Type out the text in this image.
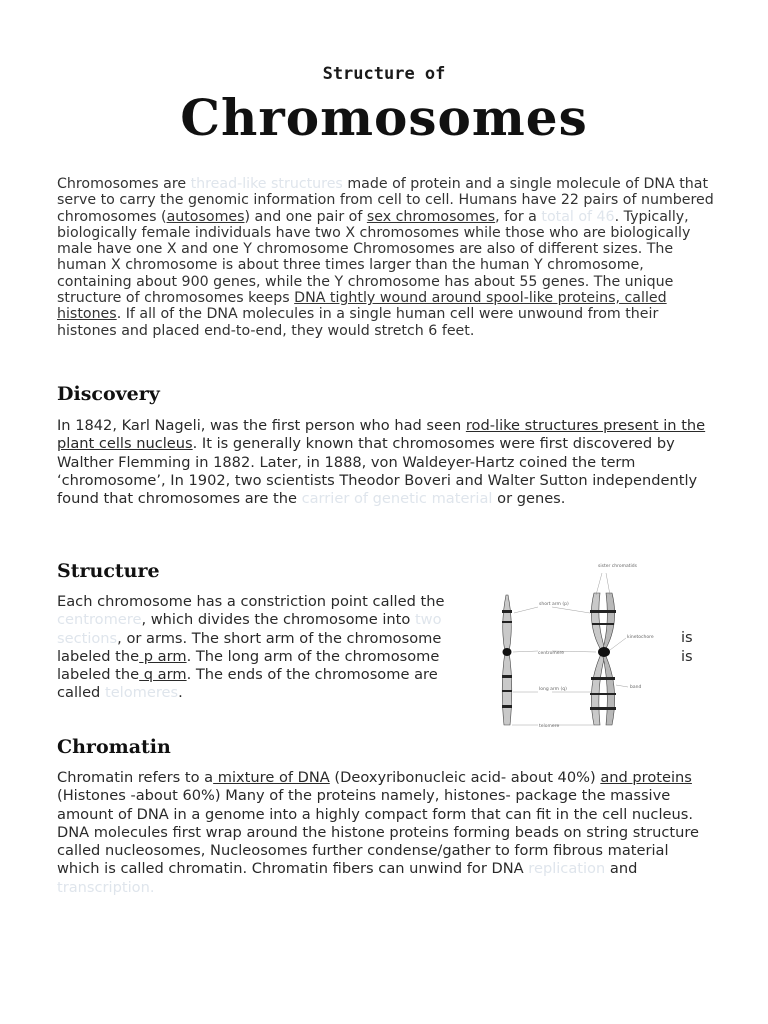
Structure of
Chromosomes
Chromosomes are thread-like structures made of protein and a single molecule of DNA that serve to carry the genomic information from cell to cell. Humans have 22 pairs of numbered chromosomes (autosomes) and one pair of sex chromosomes, for a total of 46. Typically, biologically female individuals have two X chromosomes while those who are biologically male have one X and one Y chromosome Chromosomes are also of different sizes. The human X chromosome is about three times larger than the human Y chromosome, containing about 900 genes, while the Y chromosome has about 55 genes. The unique structure of chromosomes keeps DNA tightly wound around spool-like proteins, called histones. If all of the DNA molecules in a single human cell were unwound from their histones and placed end-to-end, they would stretch 6 feet.
Discovery
In 1842, Karl Nageli, was the first person who had seen rod-like structures present in the plant cells nucleus. It is generally known that chromosomes were first discovered by Walther Flemming in 1882. Later, in 1888, von Waldeyer-Hartz coined the term ‘chromosome’, In 1902, two scientists Theodor Boveri and Walter Sutton independently found that chromosomes are the carrier of genetic material or genes.
Structure
Each chromosome has a constriction point called the centromere, which divides the chromosome into two sections, or arms. The short arm of the chromosome labeled the p arm. The long arm of the chromosome labeled the q arm. The ends of the chromosome are called telomeres.
is
is
sister chromatids
short arm (p)
centromere
kinetochore
long arm (q)	band
telomere
Chromatin
Chromatin refers to a mixture of DNA (Deoxyribonucleic acid- about 40%) and proteins (Histones -about 60%) Many of the proteins namely, histones- package the massive amount of DNA in a genome into a highly compact form that can fit in the cell nucleus. DNA molecules first wrap around the histone proteins forming beads on string structure called nucleosomes, Nucleosomes further condense/gather to form fibrous material which is called chromatin. Chromatin fibers can unwind for DNA replication and transcription.
